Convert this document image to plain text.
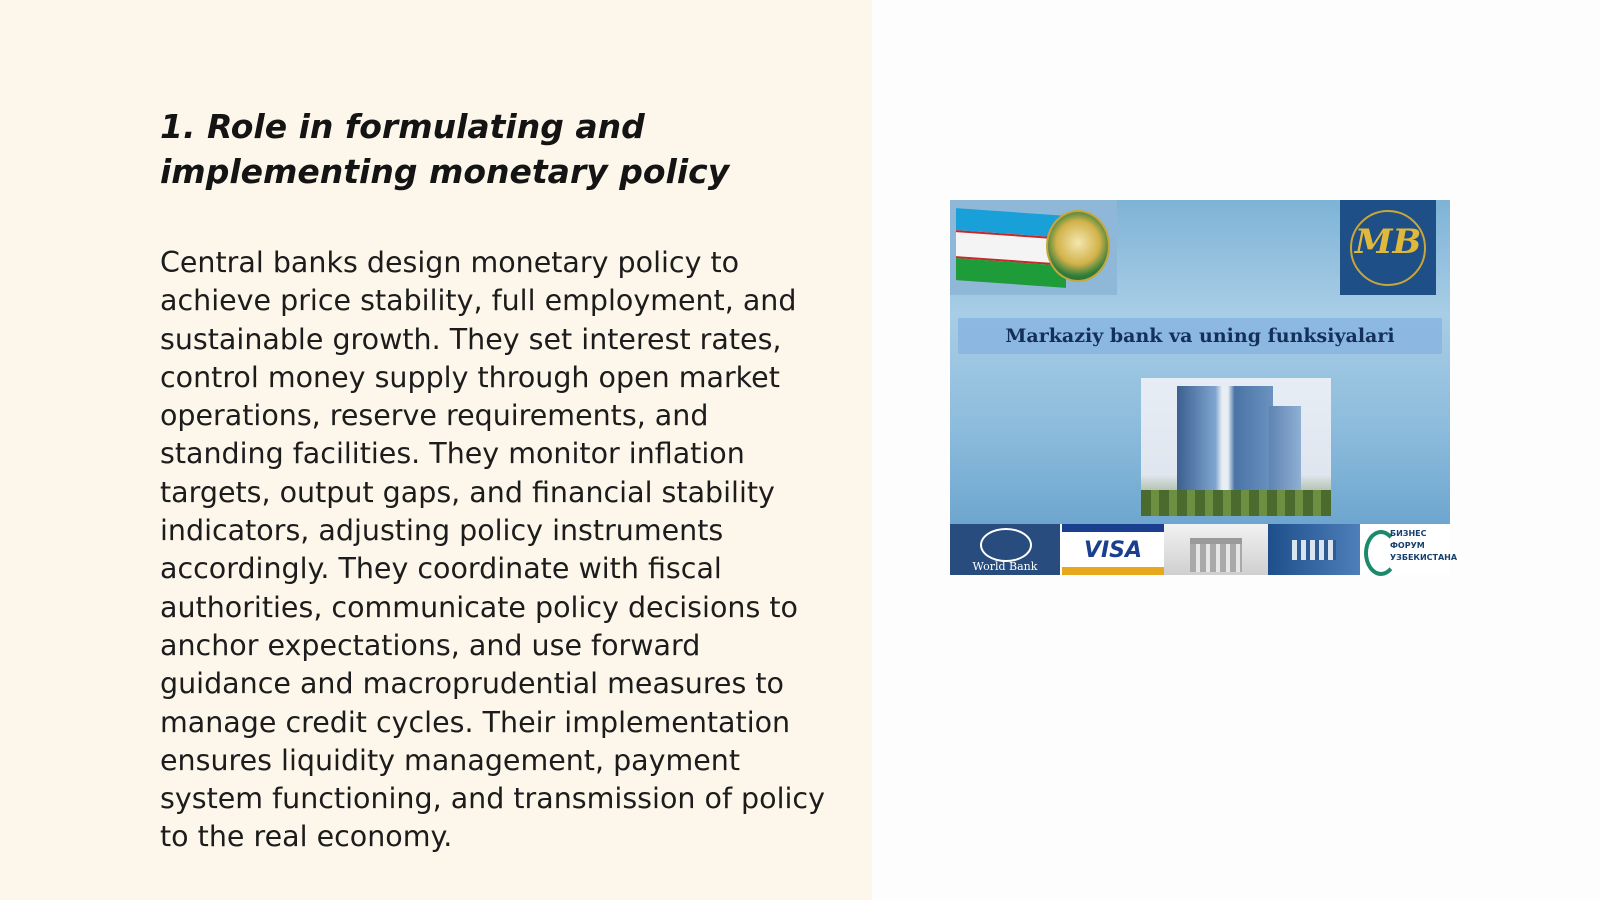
1. Role in formulating and implementing monetary policy

Central banks design monetary policy to achieve price stability, full employment, and sustainable growth. They set interest rates, control money supply through open market operations, reserve requirements, and standing facilities. They monitor inflation targets, output gaps, and financial stability indicators, adjusting policy instruments accordingly. They coordinate with fiscal authorities, communicate policy decisions to anchor expectations, and use forward guidance and macroprudential measures to manage credit cycles. Their implementation ensures liquidity management, payment system functioning, and transmission of policy to the real economy.

MB
Markaziy bank va uning funksiyalari
World Bank
VISA
БИЗНЕС ФОРУМ УЗБЕКИСТАНА
